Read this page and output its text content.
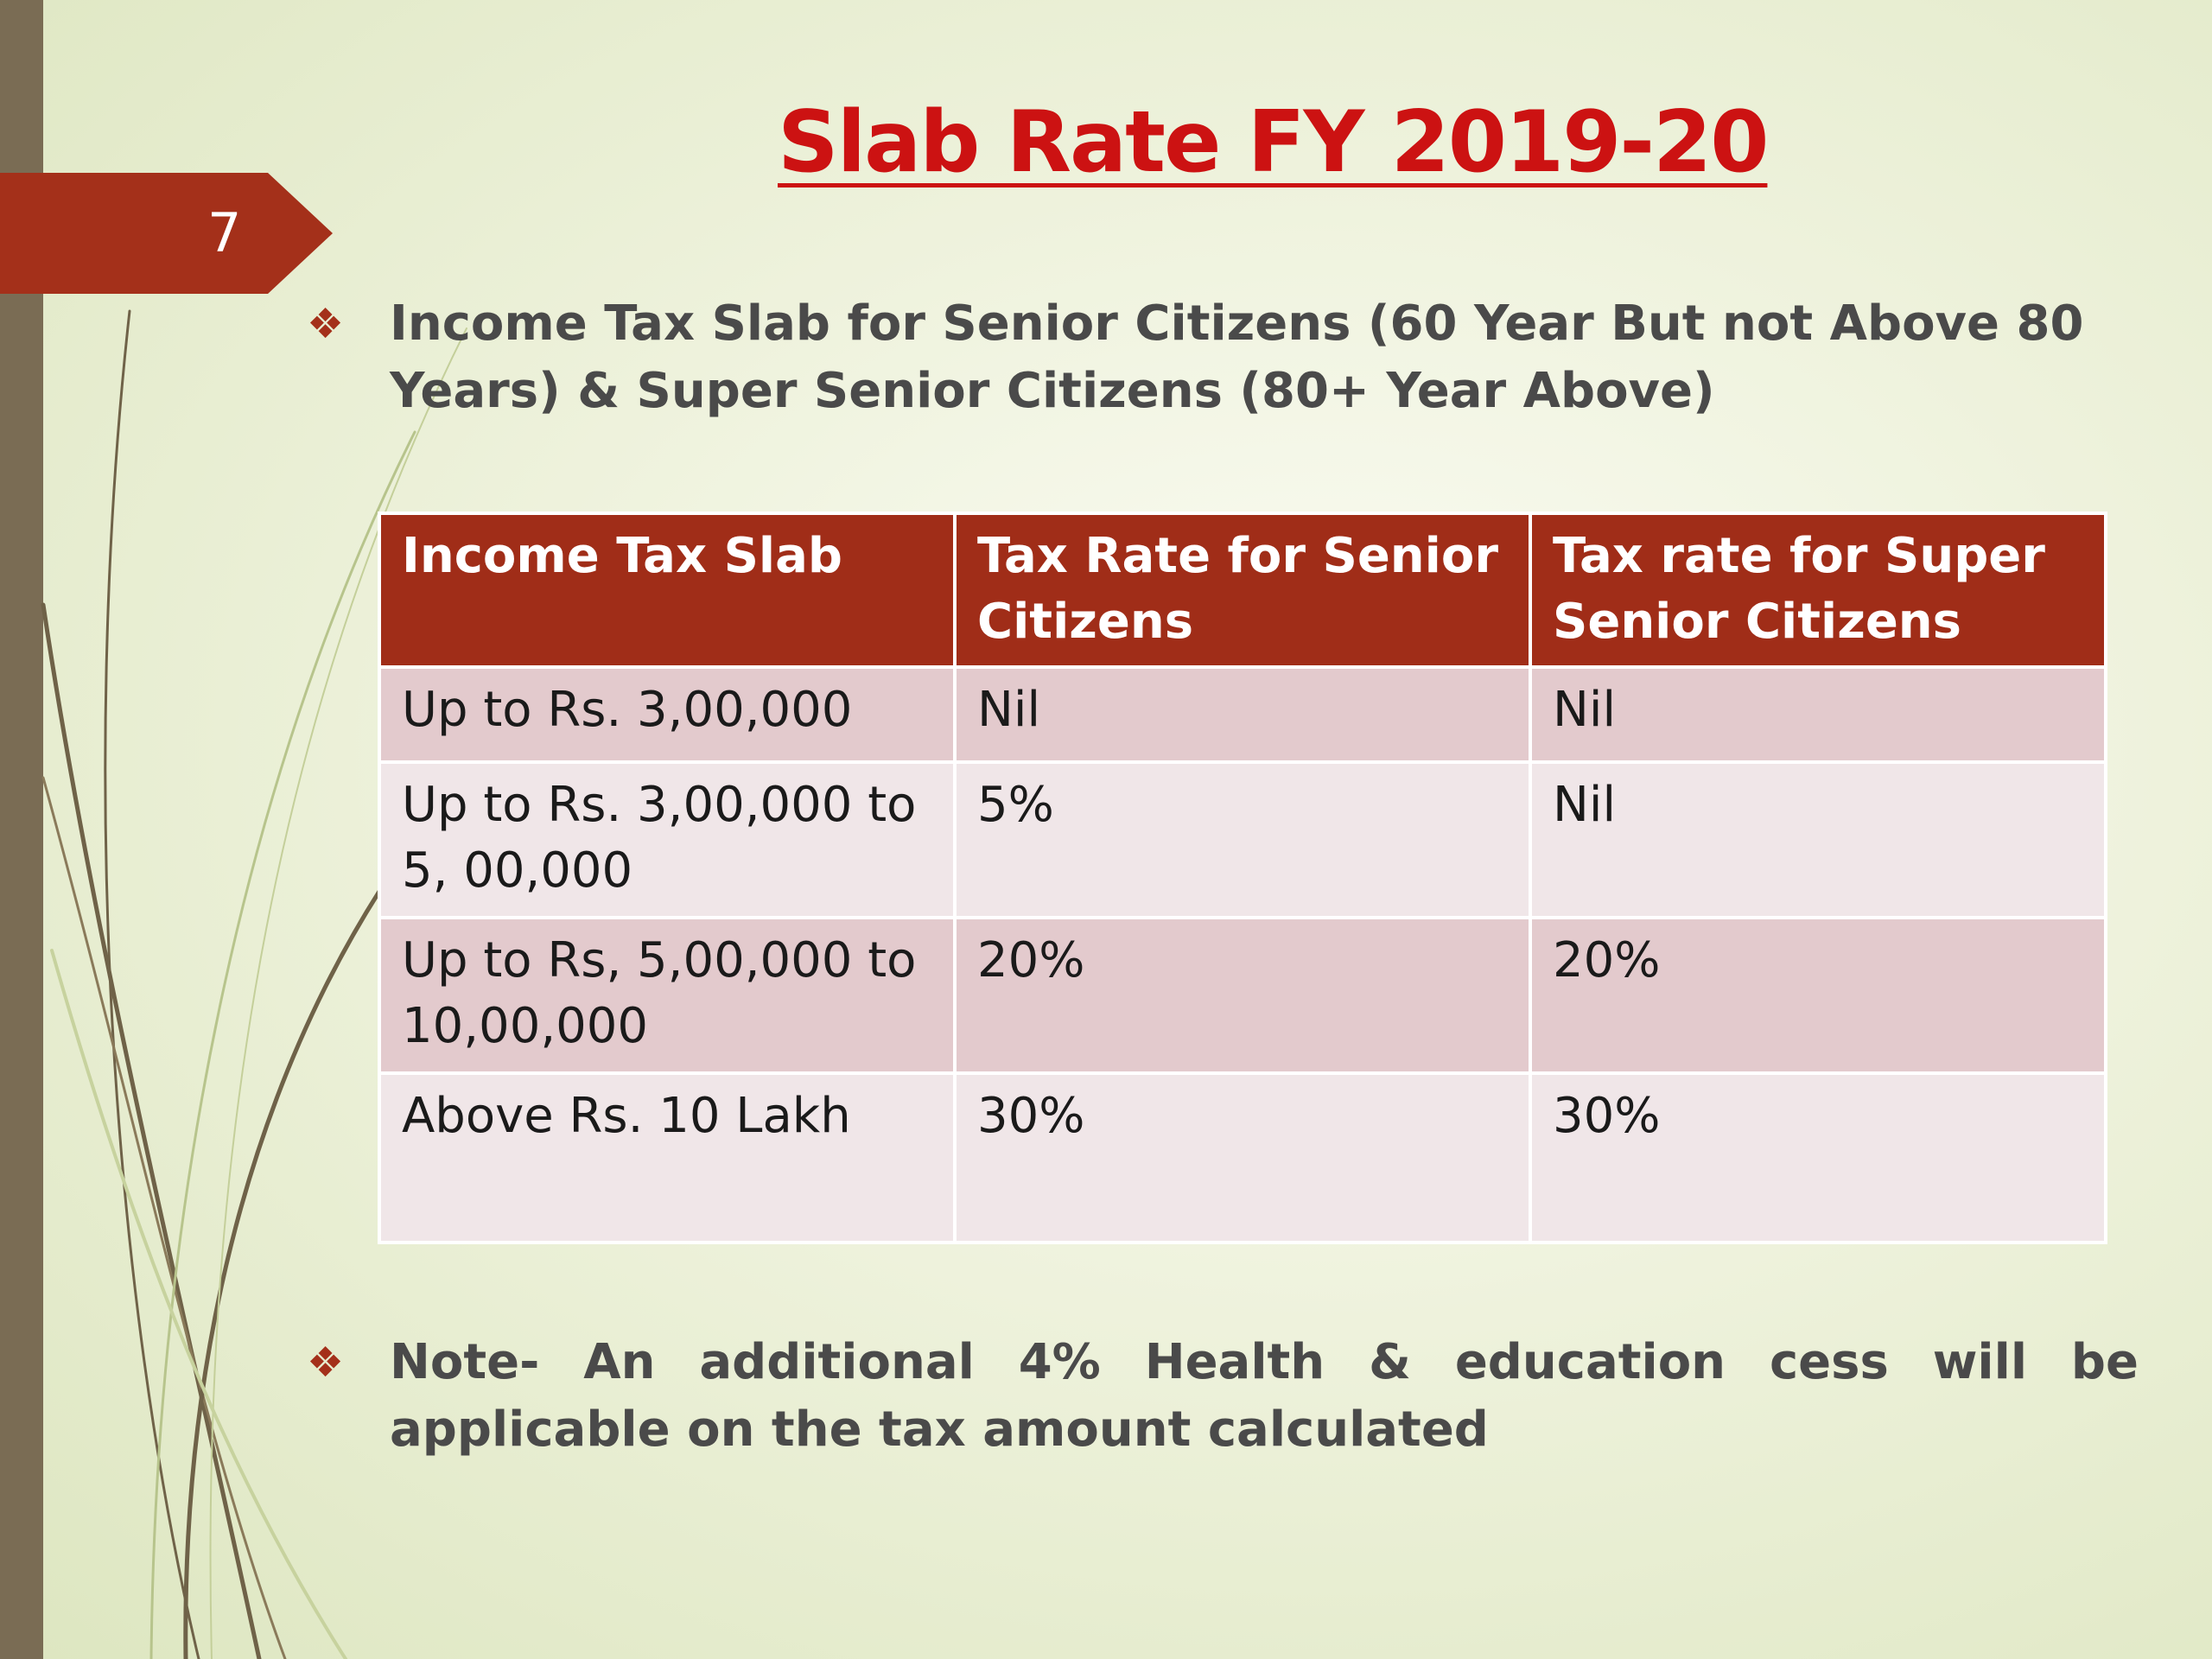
7
Slab Rate FY 2019-20
❖ Income Tax Slab for Senior Citizens (60 Year But not Above 80 Years) & Super Senior Citizens (80+ Year Above)
Income Tax Slab	Tax Rate for Senior Citizens	Tax rate for Super Senior Citizens
Up to Rs. 3,00,000	Nil	Nil
Up to Rs. 3,00,000 to 5, 00,000	5%	Nil
Up to Rs, 5,00,000 to 10,00,000	20%	20%
Above Rs. 10 Lakh	30%	30%
❖ Note- An additional 4% Health & education cess will be applicable on the tax amount calculated
